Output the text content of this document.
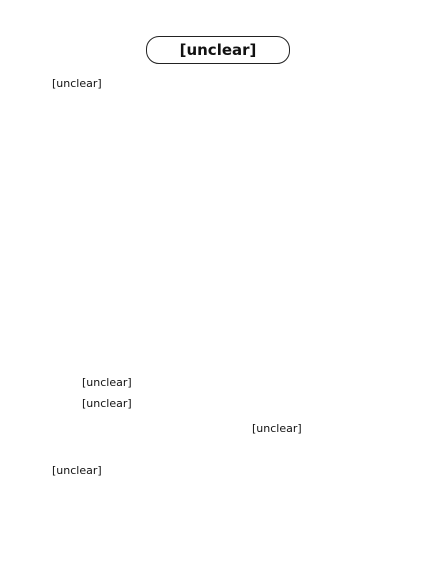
[unclear]

[unclear]

[unclear]
[unclear]
[unclear]

[unclear]
